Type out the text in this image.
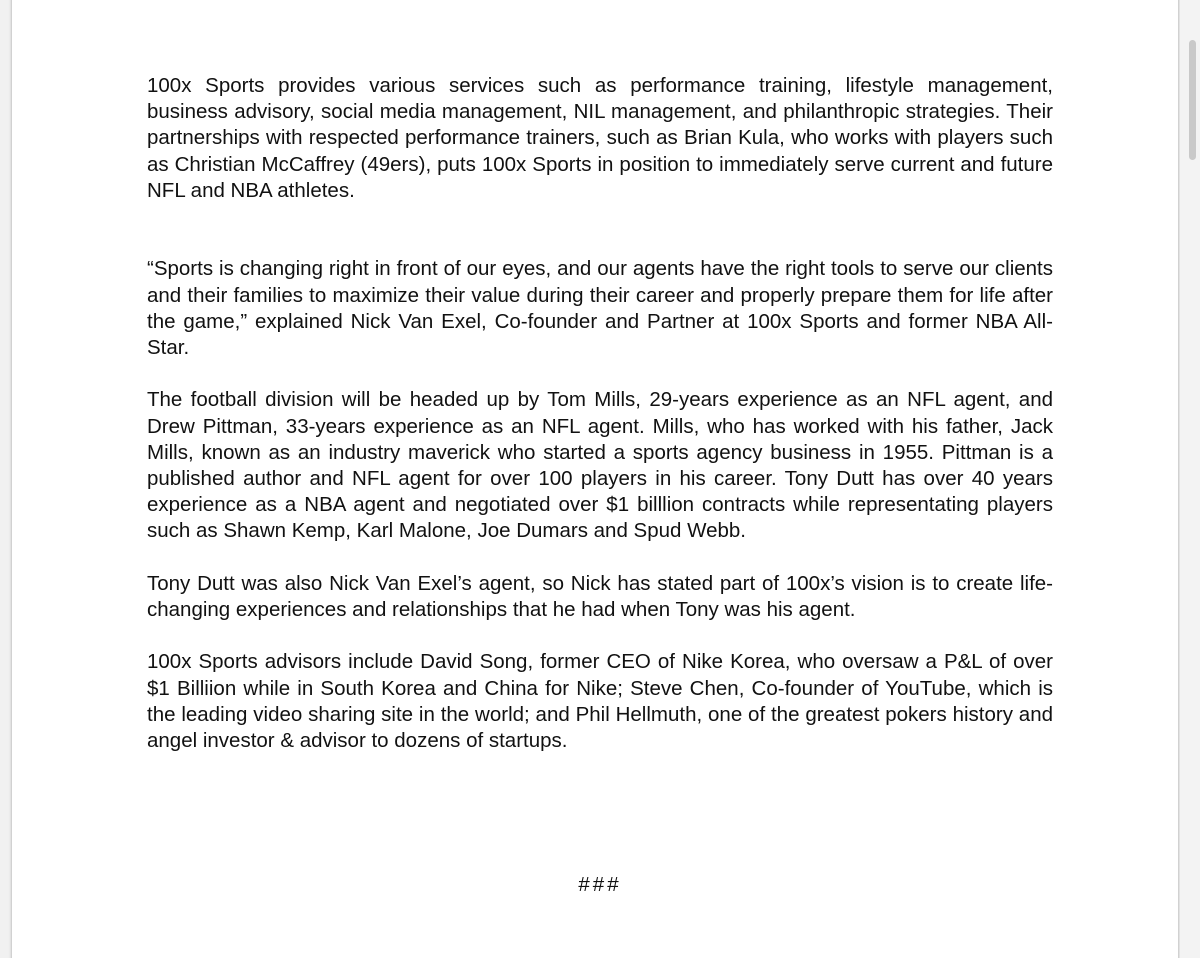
100x Sports provides various services such as performance training, lifestyle management, business advisory, social media management, NIL management, and philanthropic strategies. Their partnerships with respected performance trainers, such as Brian Kula, who works with players such as Christian McCaffrey (49ers), puts 100x Sports in position to immediately serve current and future NFL and NBA athletes.

“Sports is changing right in front of our eyes, and our agents have the right tools to serve our clients and their families to maximize their value during their career and properly prepare them for life after the game,” explained Nick Van Exel, Co-founder and Partner at 100x Sports and former NBA All-Star.

The football division will be headed up by Tom Mills, 29-years experience as an NFL agent, and Drew Pittman, 33-years experience as an NFL agent. Mills, who has worked with his father, Jack Mills, known as an industry maverick who started a sports agency business in 1955. Pittman is a published author and NFL agent for over 100 players in his career. Tony Dutt has over 40 years experience as a NBA agent and negotiated over $1 billlion contracts while representating players such as Shawn Kemp, Karl Malone, Joe Dumars and Spud Webb.

Tony Dutt was also Nick Van Exel’s agent, so Nick has stated part of 100x’s vision is to create life-changing experiences and relationships that he had when Tony was his agent.

100x Sports advisors include David Song, former CEO of Nike Korea, who oversaw a P&L of over $1 Billiion while in South Korea and China for Nike; Steve Chen, Co-founder of YouTube, which is the leading video sharing site in the world; and Phil Hellmuth, one of the greatest pokers history and angel investor & advisor to dozens of startups.

###
